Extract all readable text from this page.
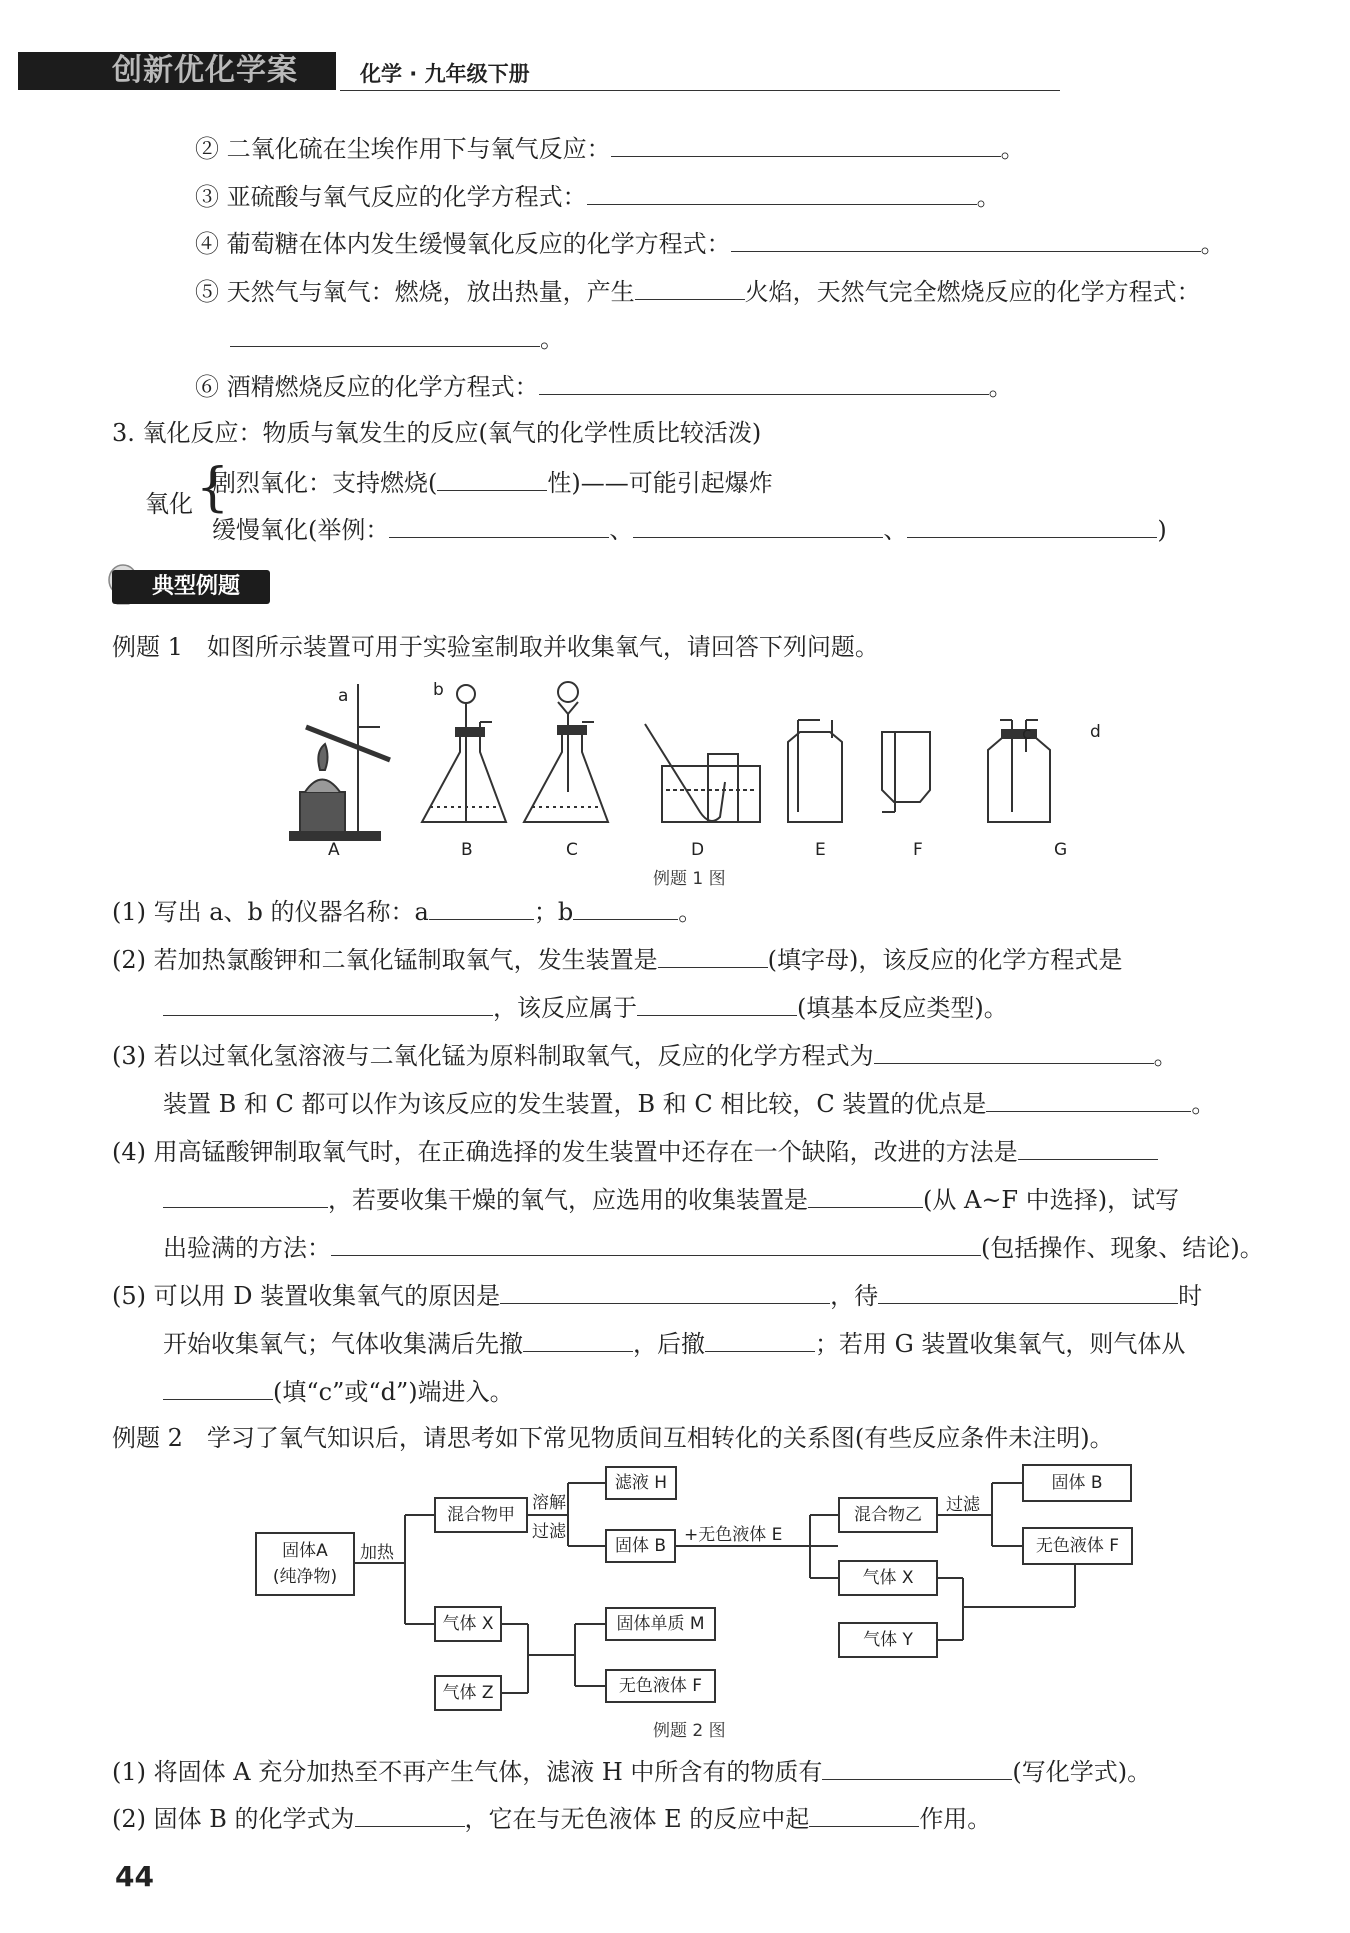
创新优化学案	化学 · 九年级下册
② 二氧化硫在尘埃作用下与氧气反应：	。
③ 亚硫酸与氧气反应的化学方程式：	。
④ 葡萄糖在体内发生缓慢氧化反应的化学方程式：	。
⑤ 天然气与氧气：燃烧，放出热量，产生	火焰，天然气完全燃烧反应的化学方程式：
。
⑥ 酒精燃烧反应的化学方程式：	。
3. 氧化反应：物质与氧发生的反应(氧气的化学性质比较活泼)
氧化 {
剧烈氧化：支持燃烧(	性)——可能引起爆炸
缓慢氧化(举例：	、	、	)
典型例题
例题 1　如图所示装置可用于实验室制取并收集氧气，请回答下列问题。
a	b
c	d
A	B	C	D	E	F	G
例题 1 图
(1) 写出 a、b 的仪器名称：a	；b	。
(2) 若加热氯酸钾和二氧化锰制取氧气，发生装置是	(填字母)，该反应的化学方程式是
，该反应属于	(填基本反应类型)。
(3) 若以过氧化氢溶液与二氧化锰为原料制取氧气，反应的化学方程式为	。
装置 B 和 C 都可以作为该反应的发生装置，B 和 C 相比较，C 装置的优点是	。
(4) 用高锰酸钾制取氧气时，在正确选择的发生装置中还存在一个缺陷，改进的方法是
，若要收集干燥的氧气，应选用的收集装置是	(从 A~F 中选择)，试写
出验满的方法：	(包括操作、现象、结论)。
(5) 可以用 D 装置收集氧气的原因是	，待	时
开始收集氧气；气体收集满后先撤	，后撤	；若用 G 装置收集氧气，则气体从
(填“c”或“d”)端进入。
例题 2　学习了氧气知识后，请思考如下常见物质间互相转化的关系图(有些反应条件未注明)。
固体A
(纯净物)
混合物甲
滤液 H
固体 B
混合物乙
固体 B
无色液体 F
气体 X
气体 Y
气体 X
气体 Z
固体单质 M
无色液体 F
加热
溶解
过滤	+无色液体 E
过滤
例题 2 图
(1) 将固体 A 充分加热至不再产生气体，滤液 H 中所含有的物质有	(写化学式)。
(2) 固体 B 的化学式为	，它在与无色液体 E 的反应中起	作用。
44
